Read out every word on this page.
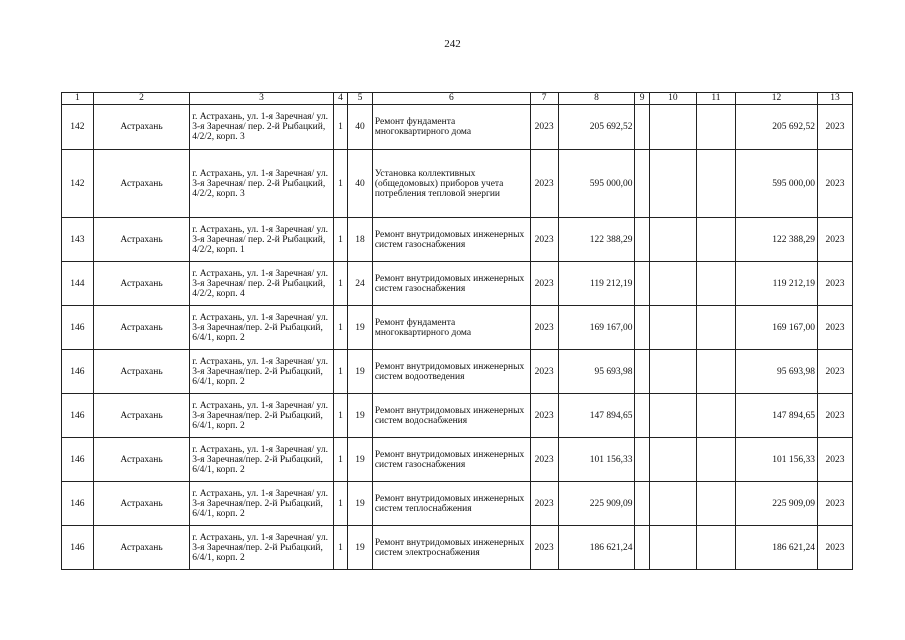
242
1	2	3	4	5	6	7	8	9	10	11	12	13
142	Астрахань	г. Астрахань, ул. 1-я Заречная/ ул. 3-я Заречная/ пер. 2-й Рыбацкий, 4/2/2, корп. 3	1	40	Ремонт фундамента многоквартирного дома	2023	205 692,52				205 692,52	2023
142	Астрахань	г. Астрахань, ул. 1-я Заречная/ ул. 3-я Заречная/ пер. 2-й Рыбацкий, 4/2/2, корп. 3	1	40	Установка коллективных (общедомовых) приборов учета потребления тепловой энергии	2023	595 000,00				595 000,00	2023
143	Астрахань	г. Астрахань, ул. 1-я Заречная/ ул. 3-я Заречная/ пер. 2-й Рыбацкий, 4/2/2, корп. 1	1	18	Ремонт внутридомовых инженерных систем газоснабжения	2023	122 388,29				122 388,29	2023
144	Астрахань	г. Астрахань, ул. 1-я Заречная/ ул. 3-я Заречная/ пер. 2-й Рыбацкий, 4/2/2, корп. 4	1	24	Ремонт внутридомовых инженерных систем газоснабжения	2023	119 212,19				119 212,19	2023
146	Астрахань	г. Астрахань, ул. 1-я Заречная/ ул. 3-я Заречная/пер. 2-й Рыбацкий, 6/4/1, корп. 2	1	19	Ремонт фундамента многоквартирного дома	2023	169 167,00				169 167,00	2023
146	Астрахань	г. Астрахань, ул. 1-я Заречная/ ул. 3-я Заречная/пер. 2-й Рыбацкий, 6/4/1, корп. 2	1	19	Ремонт внутридомовых инженерных систем водоотведения	2023	95 693,98				95 693,98	2023
146	Астрахань	г. Астрахань, ул. 1-я Заречная/ ул. 3-я Заречная/пер. 2-й Рыбацкий, 6/4/1, корп. 2	1	19	Ремонт внутридомовых инженерных систем водоснабжения	2023	147 894,65				147 894,65	2023
146	Астрахань	г. Астрахань, ул. 1-я Заречная/ ул. 3-я Заречная/пер. 2-й Рыбацкий, 6/4/1, корп. 2	1	19	Ремонт внутридомовых инженерных систем газоснабжения	2023	101 156,33				101 156,33	2023
146	Астрахань	г. Астрахань, ул. 1-я Заречная/ ул. 3-я Заречная/пер. 2-й Рыбацкий, 6/4/1, корп. 2	1	19	Ремонт внутридомовых инженерных систем теплоснабжения	2023	225 909,09				225 909,09	2023
146	Астрахань	г. Астрахань, ул. 1-я Заречная/ ул. 3-я Заречная/пер. 2-й Рыбацкий, 6/4/1, корп. 2	1	19	Ремонт внутридомовых инженерных систем электроснабжения	2023	186 621,24				186 621,24	2023
